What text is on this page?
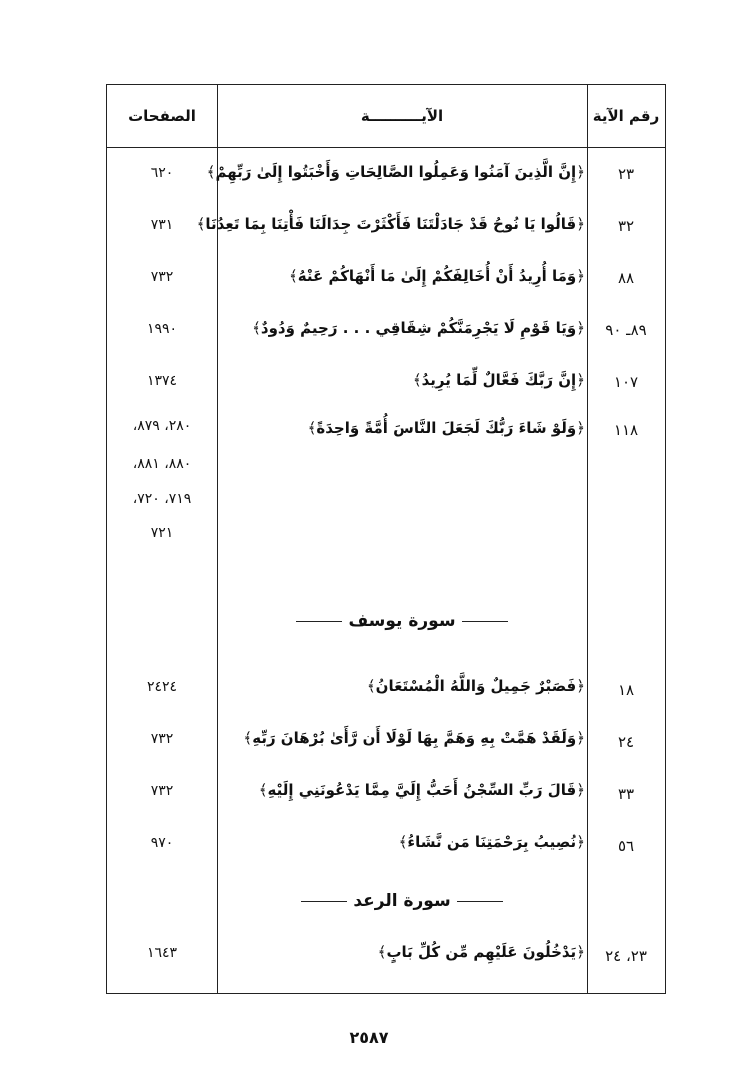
رقم الآية
الآيــــــــــة
الصفحات
٢٣
﴿إِنَّ الَّذِينَ آمَنُوا وَعَمِلُوا الصَّالِحَاتِ وَأَخْبَتُوا إِلَىٰ رَبِّهِمْ﴾
٦٢٠
٣٢
﴿قَالُوا يَا نُوحُ قَدْ جَادَلْتَنَا فَأَكْثَرْتَ جِدَالَنَا فَأْتِنَا بِمَا تَعِدُنَا﴾
٧٣١
٨٨
﴿وَمَا أُرِيدُ أَنْ أُخَالِفَكُمْ إِلَىٰ مَا أَنْهَاكُمْ عَنْهُ﴾
٧٣٢
٨٩ـ ٩٠
﴿وَيَا قَوْمِ لَا يَجْرِمَنَّكُمْ شِقَاقِي . . . رَحِيمٌ وَدُودٌ﴾
١٩٩٠
١٠٧
﴿إِنَّ رَبَّكَ فَعَّالٌ لِّمَا يُرِيدُ﴾
١٣٧٤
١١٨
﴿وَلَوْ شَاءَ رَبُّكَ لَجَعَلَ النَّاسَ أُمَّةً وَاحِدَةً﴾
٢٨٠، ٨٧٩،
٨٨٠، ٨٨١،
٧١٩، ٧٢٠،
٧٢١
سورة يوسف
١٨
﴿فَصَبْرٌ جَمِيلٌ وَاللَّهُ الْمُسْتَعَانُ﴾
٢٤٢٤
٢٤
﴿وَلَقَدْ هَمَّتْ بِهِ وَهَمَّ بِهَا لَوْلَا أَن رَّأَىٰ بُرْهَانَ رَبِّهِ﴾
٧٣٢
٣٣
﴿قَالَ رَبِّ السِّجْنُ أَحَبُّ إِلَيَّ مِمَّا يَدْعُونَنِي إِلَيْهِ﴾
٧٣٢
٥٦
﴿نُصِيبُ بِرَحْمَتِنَا مَن نَّشَاءُ﴾
٩٧٠
سورة الرعد
٢٣، ٢٤
﴿يَدْخُلُونَ عَلَيْهِم مِّن كُلِّ بَابٍ﴾
١٦٤٣
٢٥٨٧
